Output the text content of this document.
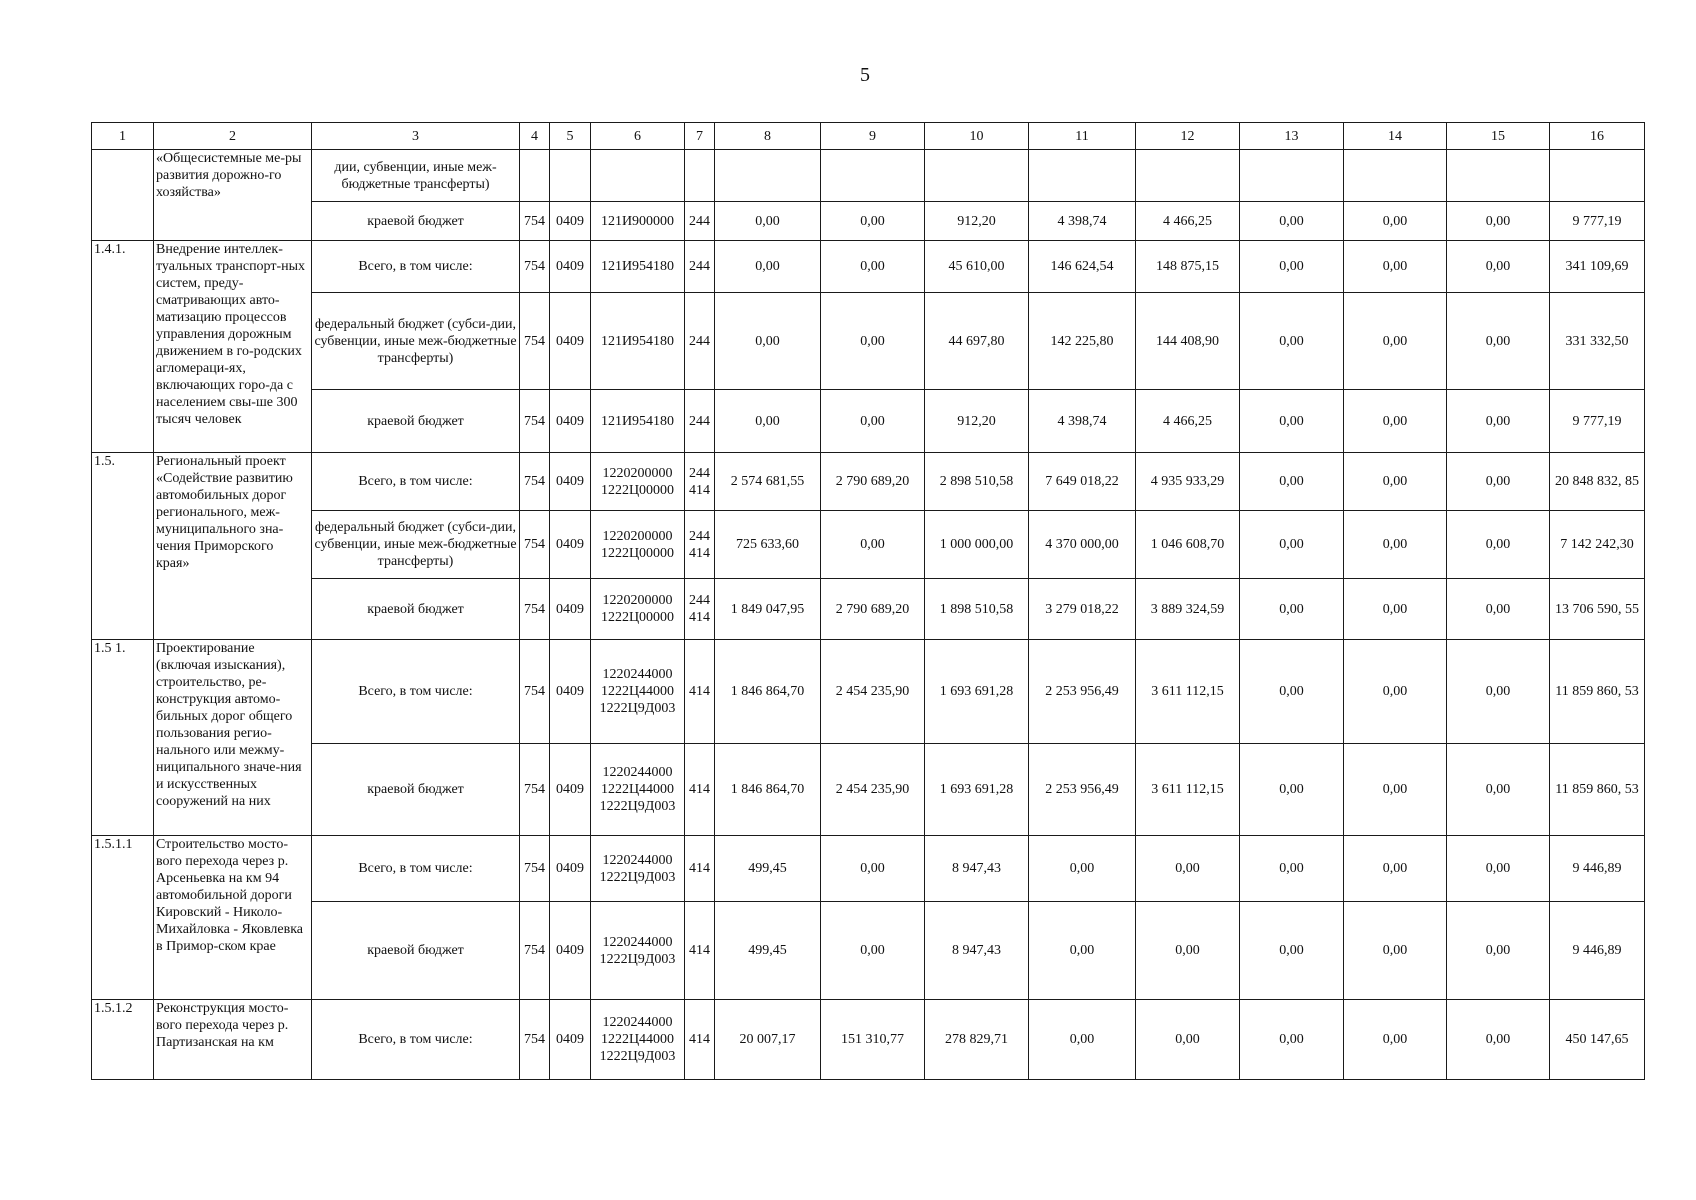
5
1	2	3	4	5	6	7	8	9	10	11	12	13	14	15	16
	«Общесистемные ме-ры развития дорожно-го хозяйства»	дии, субвенции, иные меж-бюджетные трансферты)													
		краевой бюджет	754	0409	121И900000	244	0,00	0,00	912,20	4 398,74	4 466,25	0,00	0,00	0,00	9 777,19
1.4.1.	Внедрение интеллек-туальных транспорт-ных систем, преду-сматривающих авто-матизацию процессов управления дорожным движением в го-родских агломераци-ях, включающих горо-да с населением свы-ше 300 тысяч человек	Всего, в том числе:	754	0409	121И954180	244	0,00	0,00	45 610,00	146 624,54	148 875,15	0,00	0,00	0,00	341 109,69
		федеральный бюджет (субси-дии, субвенции, иные меж-бюджетные трансферты)	754	0409	121И954180	244	0,00	0,00	44 697,80	142 225,80	144 408,90	0,00	0,00	0,00	331 332,50
		краевой бюджет	754	0409	121И954180	244	0,00	0,00	912,20	4 398,74	4 466,25	0,00	0,00	0,00	9 777,19
1.5.	Региональный проект «Содействие развитию автомобильных дорог регионального, меж-муниципального зна-чения Приморского края»	Всего, в том числе:	754	0409	1220200000 1222Ц00000	244 414	2 574 681,55	2 790 689,20	2 898 510,58	7 649 018,22	4 935 933,29	0,00	0,00	0,00	20 848 832, 85
		федеральный бюджет (субси-дии, субвенции, иные меж-бюджетные трансферты)	754	0409	1220200000 1222Ц00000	244 414	725 633,60	0,00	1 000 000,00	4 370 000,00	1 046 608,70	0,00	0,00	0,00	7 142 242,30
		краевой бюджет	754	0409	1220200000 1222Ц00000	244 414	1 849 047,95	2 790 689,20	1 898 510,58	3 279 018,22	3 889 324,59	0,00	0,00	0,00	13 706 590, 55
1.5 1.	Проектирование (включая изыскания), строительство, ре-конструкция автомо-бильных дорог общего пользования регио-нального или межму-ниципального значе-ния и искусственных сооружений на них	Всего, в том числе:	754	0409	1220244000 1222Ц44000 1222Ц9Д003	414	1 846 864,70	2 454 235,90	1 693 691,28	2 253 956,49	3 611 112,15	0,00	0,00	0,00	11 859 860, 53
		краевой бюджет	754	0409	1220244000 1222Ц44000 1222Ц9Д003	414	1 846 864,70	2 454 235,90	1 693 691,28	2 253 956,49	3 611 112,15	0,00	0,00	0,00	11 859 860, 53
1.5.1.1	Строительство мосто-вого перехода через р. Арсеньевка на км 94 автомобильной дороги Кировский - Николо-Михайловка - Яковлевка в Примор-ском крае	Всего, в том числе:	754	0409	1220244000 1222Ц9Д003	414	499,45	0,00	8 947,43	0,00	0,00	0,00	0,00	0,00	9 446,89
		краевой бюджет	754	0409	1220244000 1222Ц9Д003	414	499,45	0,00	8 947,43	0,00	0,00	0,00	0,00	0,00	9 446,89
1.5.1.2	Реконструкция мосто-вого перехода через р. Партизанская на км	Всего, в том числе:	754	0409	1220244000 1222Ц44000 1222Ц9Д003	414	20 007,17	151 310,77	278 829,71	0,00	0,00	0,00	0,00	0,00	450 147,65
